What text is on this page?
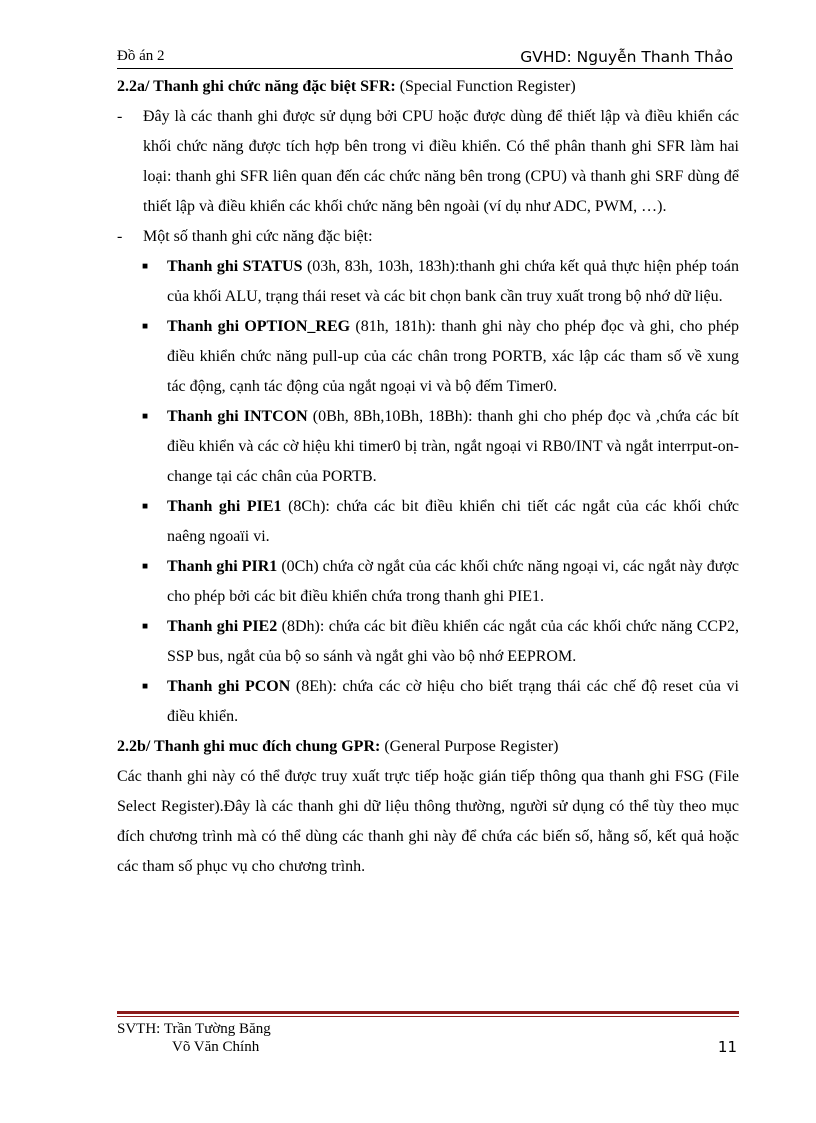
Đồ án 2	GVHD: Nguyễn Thanh Thảo

2.2a/ Thanh ghi chức năng đặc biệt SFR: (Special Function Register)

- Đây là các thanh ghi được sử dụng bởi CPU hoặc được dùng để thiết lập và điều khiển các khối chức năng được tích hợp bên trong vi điều khiển. Có thể phân thanh ghi SFR làm hai loại: thanh ghi SFR liên quan đến các chức năng bên trong (CPU) và thanh ghi SRF dùng để thiết lập và điều khiển các khối chức năng bên ngoài (ví dụ như ADC, PWM, …).

- Một số thanh ghi cức năng đặc biệt:

■ Thanh ghi STATUS (03h, 83h, 103h, 183h):thanh ghi chứa kết quả thực hiện phép toán của khối ALU, trạng thái reset và các bit chọn bank cần truy xuất trong bộ nhớ dữ liệu.
■ Thanh ghi OPTION_REG (81h, 181h): thanh ghi này cho phép đọc và ghi, cho phép điều khiển chức năng pull-up của các chân trong PORTB, xác lập các tham số về xung tác động, cạnh tác động của ngắt ngoại vi và bộ đếm Timer0.
■ Thanh ghi INTCON (0Bh, 8Bh,10Bh, 18Bh): thanh ghi cho phép đọc và ,chứa các bít điều khiển và các cờ hiệu khi timer0 bị tràn, ngắt ngoại vi RB0/INT và ngắt interrput-on-change tại các chân của PORTB.
■ Thanh ghi PIE1 (8Ch): chứa các bit điều khiển chi tiết các ngắt của các khối chức naêng ngoaïi vi.
■ Thanh ghi PIR1 (0Ch) chứa cờ ngắt của các khối chức năng ngoại vi, các ngắt này được cho phép bởi các bit điều khiển chứa trong thanh ghi PIE1.
■ Thanh ghi PIE2 (8Dh): chứa các bit điều khiển các ngắt của các khối chức năng CCP2, SSP bus, ngắt của bộ so sánh và ngắt ghi vào bộ nhớ EEPROM.
■ Thanh ghi PCON (8Eh): chứa các cờ hiệu cho biết trạng thái các chế độ reset của vi điều khiển.

2.2b/ Thanh ghi muc đích chung GPR: (General Purpose Register)

Các thanh ghi này có thể được truy xuất trực tiếp hoặc gián tiếp thông qua thanh ghi FSG (File Select Register).Đây là các thanh ghi dữ liệu thông thường, người sử dụng có thể tùy theo mục đích chương trình mà có thể dùng các thanh ghi này để chứa các biến số, hằng số, kết quả hoặc các tham số phục vụ cho chương trình.

SVTH: Trần Tường Băng
Võ Văn Chính	11
